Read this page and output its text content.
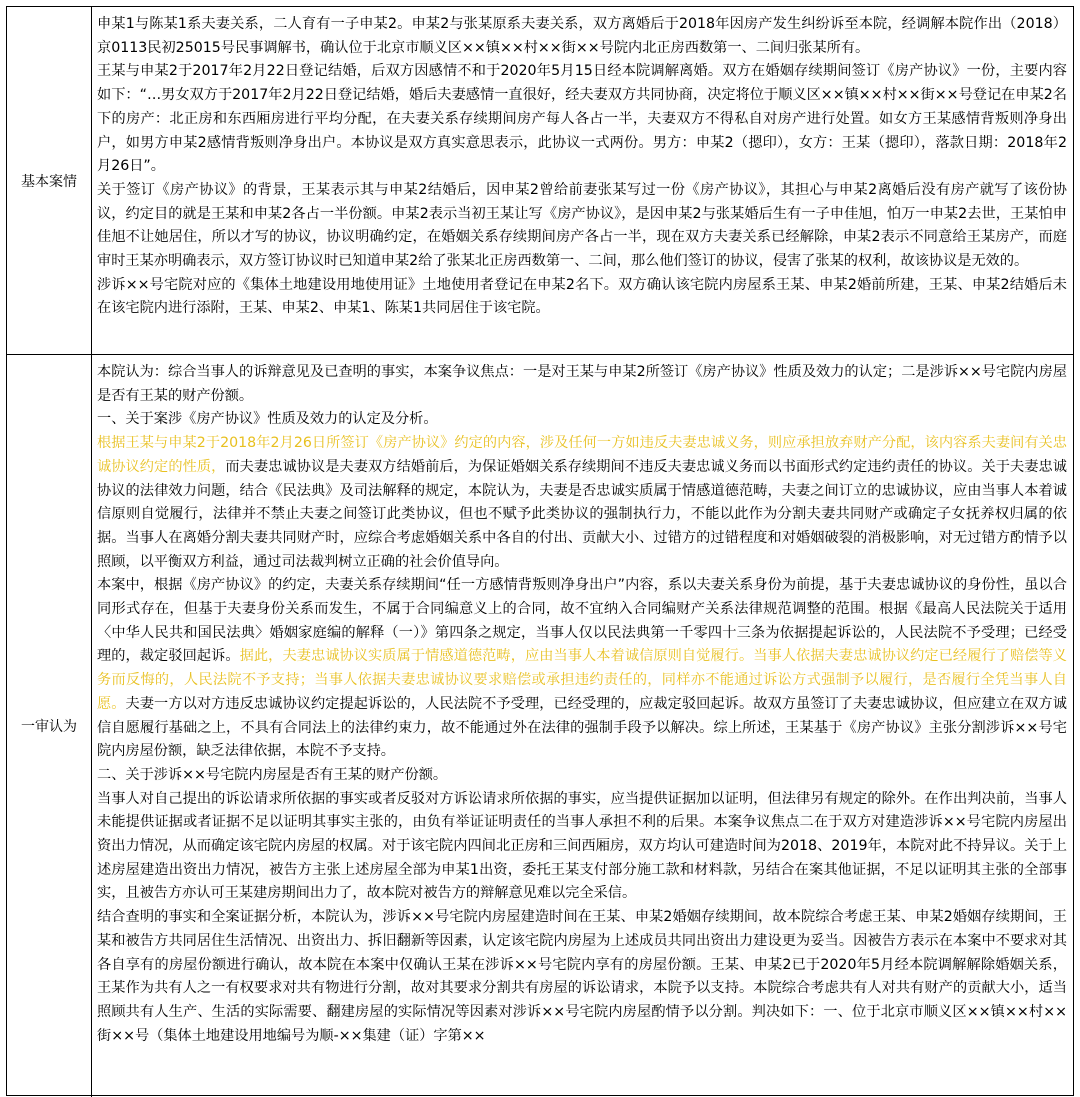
基本案情

申某1与陈某1系夫妻关系，二人育有一子申某2。申某2与张某原系夫妻关系，双方离婚后于2018年因房产发生纠纷诉至本院，经调解本院作出（2018）京0113民初25015号民事调解书，确认位于北京市顺义区××镇××村××街××号院内北正房西数第一、二间归张某所有。

王某与申某2于2017年2月22日登记结婚，后双方因感情不和于2020年5月15日经本院调解离婚。双方在婚姻存续期间签订《房产协议》一份，主要内容如下：“…男女双方于2017年2月22日登记结婚，婚后夫妻感情一直很好，经夫妻双方共同协商，决定将位于顺义区××镇××村××街××号登记在申某2名下的房产：北正房和东西厢房进行平均分配，在夫妻关系存续期间房产每人各占一半，夫妻双方不得私自对房产进行处置。如女方王某感情背叛则净身出户，如男方申某2感情背叛则净身出户。本协议是双方真实意思表示，此协议一式两份。男方：申某2（摁印），女方：王某（摁印），落款日期：2018年2月26日”。

关于签订《房产协议》的背景，王某表示其与申某2结婚后，因申某2曾给前妻张某写过一份《房产协议》，其担心与申某2离婚后没有房产就写了该份协议，约定目的就是王某和申某2各占一半份额。申某2表示当初王某让写《房产协议》，是因申某2与张某婚后生有一子申佳旭，怕万一申某2去世，王某怕申佳旭不让她居住，所以才写的协议，协议明确约定，在婚姻关系存续期间房产各占一半，现在双方夫妻关系已经解除，申某2表示不同意给王某房产，而庭审时王某亦明确表示，双方签订协议时已知道申某2给了张某北正房西数第一、二间，那么他们签订的协议，侵害了张某的权利，故该协议是无效的。

涉诉××号宅院对应的《集体土地建设用地使用证》土地使用者登记在申某2名下。双方确认该宅院内房屋系王某、申某2婚前所建，王某、申某2结婚后未在该宅院内进行添附，王某、申某2、申某1、陈某1共同居住于该宅院。

一审认为

本院认为：综合当事人的诉辩意见及已查明的事实，本案争议焦点：一是对王某与申某2所签订《房产协议》性质及效力的认定；二是涉诉××号宅院内房屋是否有王某的财产份额。

一、关于案涉《房产协议》性质及效力的认定及分析。

根据王某与申某2于2018年2月26日所签订《房产协议》约定的内容，涉及任何一方如违反夫妻忠诚义务，则应承担放弃财产分配，该内容系夫妻间有关忠诚协议约定的性质，而夫妻忠诚协议是夫妻双方结婚前后，为保证婚姻关系存续期间不违反夫妻忠诚义务而以书面形式约定违约责任的协议。关于夫妻忠诚协议的法律效力问题，结合《民法典》及司法解释的规定，本院认为，夫妻是否忠诚实质属于情感道德范畴，夫妻之间订立的忠诚协议，应由当事人本着诚信原则自觉履行，法律并不禁止夫妻之间签订此类协议，但也不赋予此类协议的强制执行力，不能以此作为分割夫妻共同财产或确定子女抚养权归属的依据。当事人在离婚分割夫妻共同财产时，应综合考虑婚姻关系中各自的付出、贡献大小、过错方的过错程度和对婚姻破裂的消极影响，对无过错方酌情予以照顾，以平衡双方利益，通过司法裁判树立正确的社会价值导向。

本案中，根据《房产协议》的约定，夫妻关系存续期间“任一方感情背叛则净身出户”内容，系以夫妻关系身份为前提，基于夫妻忠诚协议的身份性，虽以合同形式存在，但基于夫妻身份关系而发生，不属于合同编意义上的合同，故不宜纳入合同编财产关系法律规范调整的范围。根据《最高人民法院关于适用〈中华人民共和国民法典〉婚姻家庭编的解释（一）》第四条之规定，当事人仅以民法典第一千零四十三条为依据提起诉讼的，人民法院不予受理；已经受理的，裁定驳回起诉。据此，夫妻忠诚协议实质属于情感道德范畴，应由当事人本着诚信原则自觉履行。当事人依据夫妻忠诚协议约定已经履行了赔偿等义务而反悔的，人民法院不予支持；当事人依据夫妻忠诚协议要求赔偿或承担违约责任的，同样亦不能通过诉讼方式强制予以履行，是否履行全凭当事人自愿。夫妻一方以对方违反忠诚协议约定提起诉讼的，人民法院不予受理，已经受理的，应裁定驳回起诉。故双方虽签订了夫妻忠诚协议，但应建立在双方诚信自愿履行基础之上，不具有合同法上的法律约束力，故不能通过外在法律的强制手段予以解决。综上所述，王某基于《房产协议》主张分割涉诉××号宅院内房屋份额，缺乏法律依据，本院不予支持。

二、关于涉诉××号宅院内房屋是否有王某的财产份额。

当事人对自己提出的诉讼请求所依据的事实或者反驳对方诉讼请求所依据的事实，应当提供证据加以证明，但法律另有规定的除外。在作出判决前，当事人未能提供证据或者证据不足以证明其事实主张的，由负有举证证明责任的当事人承担不利的后果。本案争议焦点二在于双方对建造涉诉××号宅院内房屋出资出力情况，从而确定该宅院内房屋的权属。对于该宅院内四间北正房和三间西厢房，双方均认可建造时间为2018、2019年，本院对此不持异议。关于上述房屋建造出资出力情况，被告方主张上述房屋全部为申某1出资，委托王某支付部分施工款和材料款，另结合在案其他证据，不足以证明其主张的全部事实，且被告方亦认可王某建房期间出力了，故本院对被告方的辩解意见难以完全采信。

结合查明的事实和全案证据分析，本院认为，涉诉××号宅院内房屋建造时间在王某、申某2婚姻存续期间，故本院综合考虑王某、申某2婚姻存续期间，王某和被告方共同居住生活情况、出资出力、拆旧翻新等因素，认定该宅院内房屋为上述成员共同出资出力建设更为妥当。因被告方表示在本案中不要求对其各自享有的房屋份额进行确认，故本院在本案中仅确认王某在涉诉××号宅院内享有的房屋份额。王某、申某2已于2020年5月经本院调解解除婚姻关系，王某作为共有人之一有权要求对共有物进行分割，故对其要求分割共有房屋的诉讼请求，本院予以支持。本院综合考虑共有人对共有财产的贡献大小，适当照顾共有人生产、生活的实际需要、翻建房屋的实际情况等因素对涉诉××号宅院内房屋酌情予以分割。判决如下：一、位于北京市顺义区××镇××村××街××号（集体土地建设用地编号为顺-××集建（证）字第××
